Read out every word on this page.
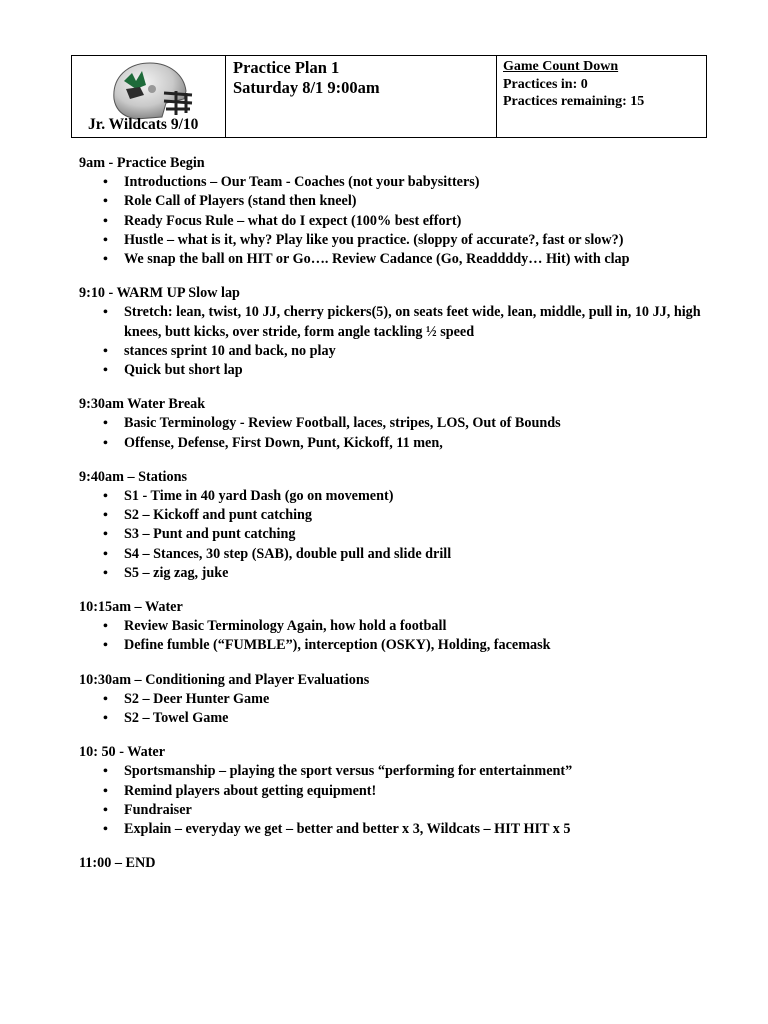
Jr. Wildcats 9/10
Practice Plan 1
Saturday 8/1 9:00am
Game Count Down
Practices in: 0
Practices remaining: 15
9am - Practice Begin
• Introductions – Our Team - Coaches (not your babysitters)
• Role Call of Players (stand then kneel)
• Ready Focus Rule – what do I expect (100% best effort)
• Hustle – what is it, why? Play like you practice. (sloppy of accurate?, fast or slow?)
• We snap the ball on HIT or Go…. Review Cadance (Go, Readdddy… Hit) with clap
9:10 - WARM UP Slow lap
• Stretch: lean, twist, 10 JJ, cherry pickers(5), on seats feet wide, lean, middle, pull in, 10 JJ, high knees, butt kicks, over stride, form angle tackling ½ speed
• stances sprint 10 and back, no play
• Quick but short lap
9:30am Water Break
• Basic Terminology - Review Football, laces, stripes, LOS, Out of Bounds
• Offense, Defense, First Down, Punt, Kickoff, 11 men,
9:40am – Stations
• S1 - Time in 40 yard Dash (go on movement)
• S2 – Kickoff and punt catching
• S3 – Punt and punt catching
• S4 – Stances, 30 step (SAB), double pull and slide drill
• S5 – zig zag, juke
10:15am – Water
• Review Basic Terminology Again, how hold a football
• Define fumble (“FUMBLE”), interception (OSKY), Holding, facemask
10:30am – Conditioning and Player Evaluations
• S2 – Deer Hunter Game
• S2 – Towel Game
10: 50 - Water
• Sportsmanship – playing the sport versus “performing for entertainment”
• Remind players about getting equipment!
• Fundraiser
• Explain – everyday we get – better and better x 3, Wildcats – HIT HIT x 5
11:00 – END
